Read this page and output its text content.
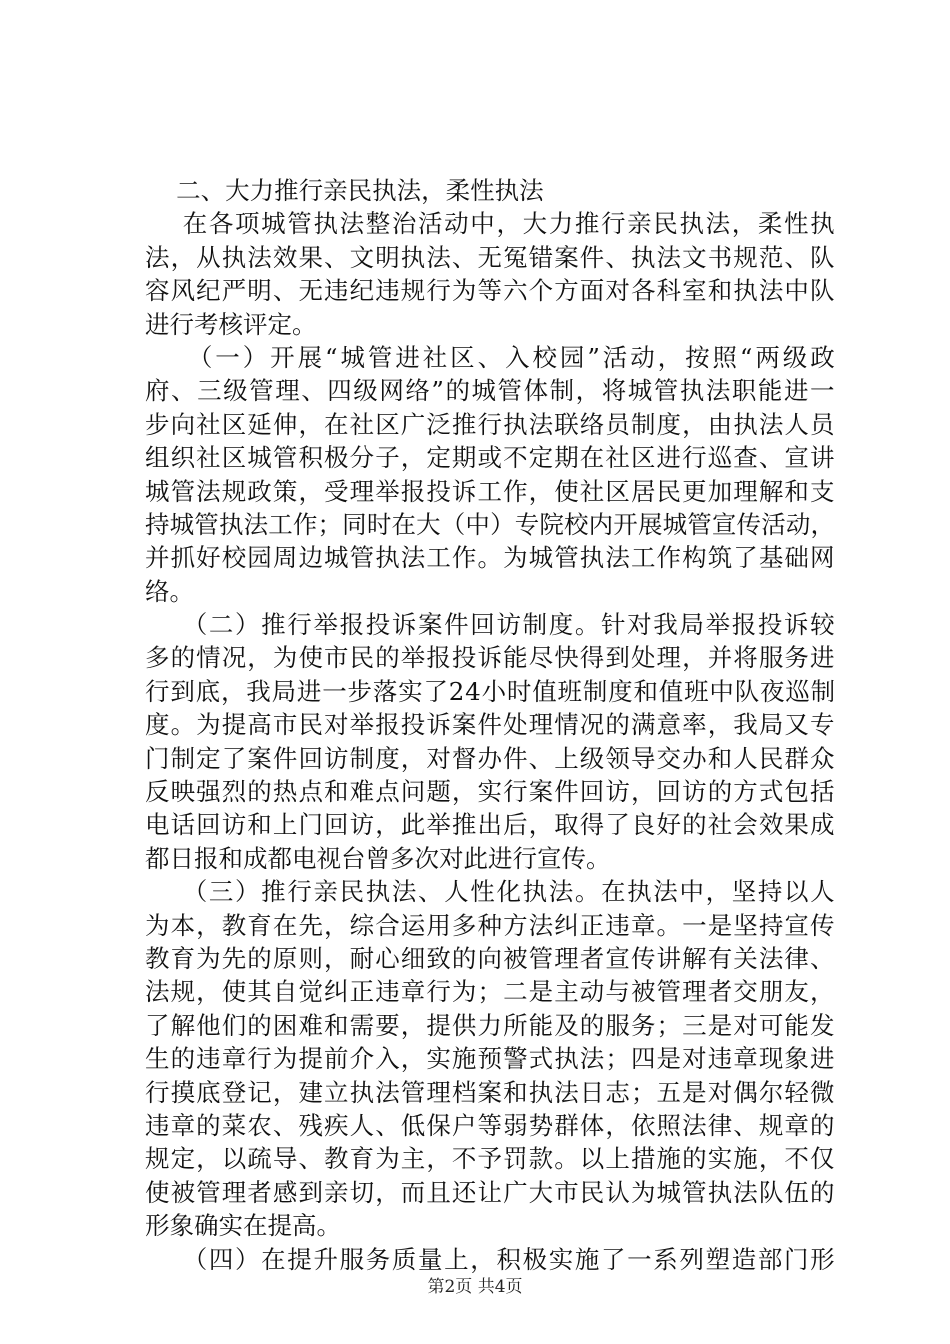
二、大力推行亲民执法，柔性执法
在各项城管执法整治活动中，大力推行亲民执法，柔性执
法，从执法效果、文明执法、无冤错案件、执法文书规范、队
容风纪严明、无违纪违规行为等六个方面对各科室和执法中队
进行考核评定。
（一）开展“城管进社区、入校园”活动，按照“两级政
府、三级管理、四级网络”的城管体制，将城管执法职能进一
步向社区延伸，在社区广泛推行执法联络员制度，由执法人员
组织社区城管积极分子，定期或不定期在社区进行巡查、宣讲
城管法规政策，受理举报投诉工作，使社区居民更加理解和支
持城管执法工作；同时在大（中）专院校内开展城管宣传活动，
并抓好校园周边城管执法工作。为城管执法工作构筑了基础网
络。
（二）推行举报投诉案件回访制度。针对我局举报投诉较
多的情况，为使市民的举报投诉能尽快得到处理，并将服务进
行到底，我局进一步落实了24小时值班制度和值班中队夜巡制
度。为提高市民对举报投诉案件处理情况的满意率，我局又专
门制定了案件回访制度，对督办件、上级领导交办和人民群众
反映强烈的热点和难点问题，实行案件回访，回访的方式包括
电话回访和上门回访，此举推出后，取得了良好的社会效果成
都日报和成都电视台曾多次对此进行宣传。
（三）推行亲民执法、人性化执法。在执法中，坚持以人
为本，教育在先，综合运用多种方法纠正违章。一是坚持宣传
教育为先的原则，耐心细致的向被管理者宣传讲解有关法律、
法规，使其自觉纠正违章行为；二是主动与被管理者交朋友，
了解他们的困难和需要，提供力所能及的服务；三是对可能发
生的违章行为提前介入，实施预警式执法；四是对违章现象进
行摸底登记，建立执法管理档案和执法日志；五是对偶尔轻微
违章的菜农、残疾人、低保户等弱势群体，依照法律、规章的
规定，以疏导、教育为主，不予罚款。以上措施的实施，不仅
使被管理者感到亲切，而且还让广大市民认为城管执法队伍的
形象确实在提高。
（四）在提升服务质量上，积极实施了一系列塑造部门形
第2页 共4页
